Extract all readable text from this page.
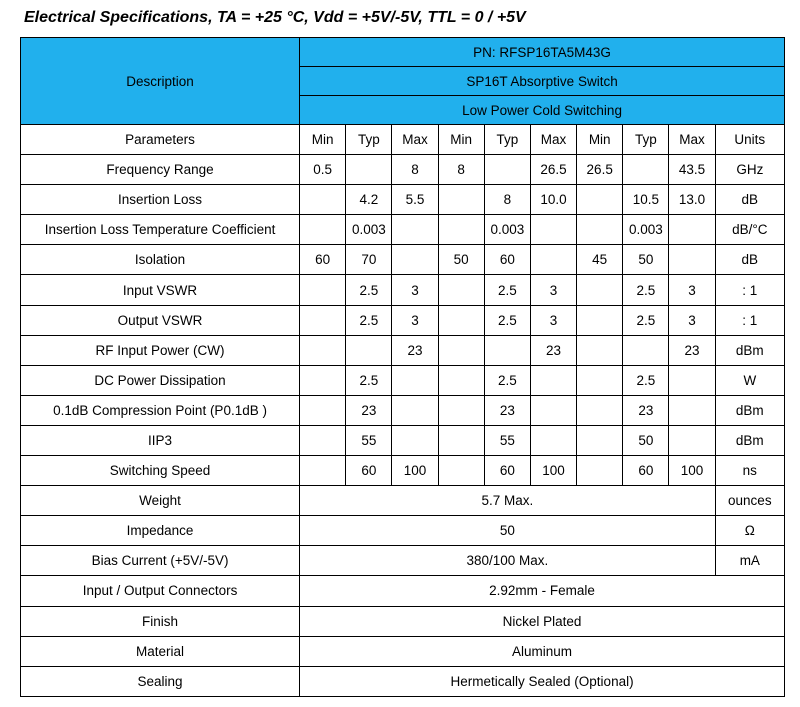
Electrical Specifications, TA = +25 °C, Vdd = +5V/-5V, TTL = 0 / +5V
Description	PN: RFSP16TA5M43G									
	SP16T Absorptive Switch									
	Low Power Cold Switching									
Parameters	Min	Typ	Max	Min	Typ	Max	Min	Typ	Max	Units
Frequency Range	0.5		8	8		26.5	26.5		43.5	GHz
Insertion Loss		4.2	5.5		8	10.0		10.5	13.0	dB
Insertion Loss Temperature Coefficient		0.003			0.003			0.003		dB/°C
Isolation	60	70		50	60		45	50		dB
Input VSWR		2.5	3		2.5	3		2.5	3	: 1
Output VSWR		2.5	3		2.5	3		2.5	3	: 1
RF Input Power (CW)			23			23			23	dBm
DC Power Dissipation		2.5			2.5			2.5		W
0.1dB Compression Point (P0.1dB )		23			23			23		dBm
IIP3		55			55			50		dBm
Switching Speed		60	100		60	100		60	100	ns
Weight	5.7 Max.									ounces
Impedance	50									Ω
Bias Current (+5V/-5V)	380/100 Max.									mA
Input / Output Connectors	2.92mm - Female									
Finish	Nickel Plated									
Material	Aluminum									
Sealing	Hermetically Sealed (Optional)									
